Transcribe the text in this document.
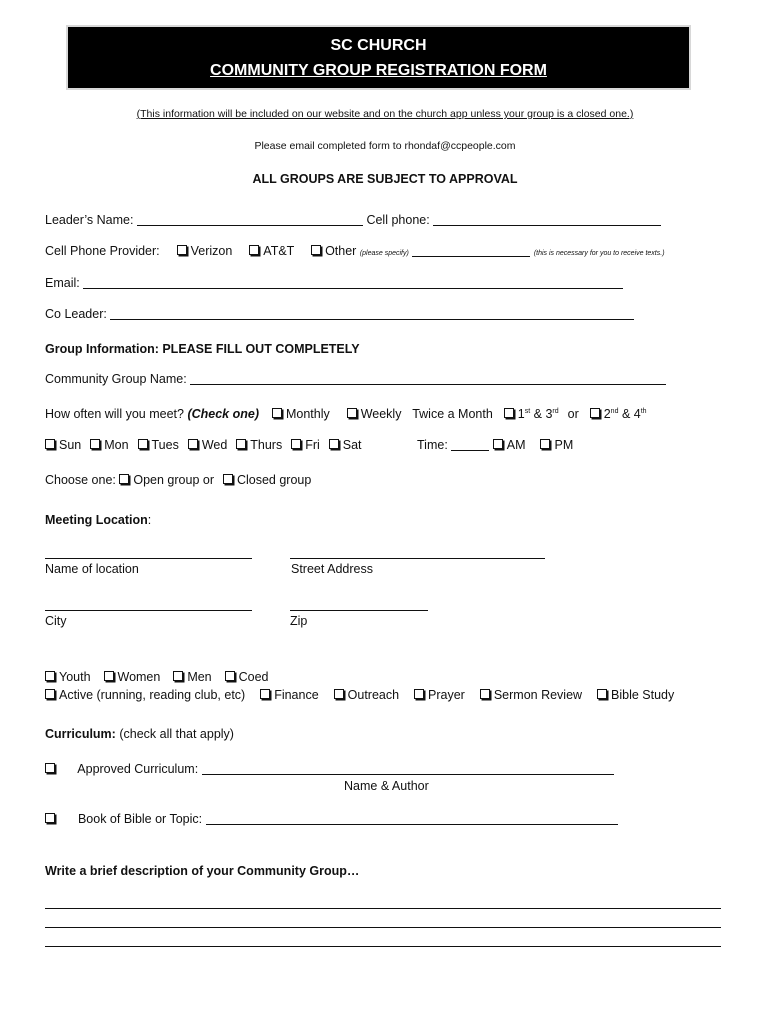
SC CHURCH
COMMUNITY GROUP REGISTRATION FORM
(This information will be included on our website and on the church app unless your group is a closed one.)
Please email completed form to rhondaf@ccpeople.com
ALL GROUPS ARE SUBJECT TO APPROVAL
Leader’s Name:	Cell phone:
Cell Phone Provider: Verizon AT&T Other (please specify)	(this is necessary for you to receive texts.)
Email:
Co Leader:
Group Information: PLEASE FILL OUT COMPLETELY
Community Group Name:
How often will you meet? (Check one) Monthly Weekly Twice a Month 1st & 3rd or 2nd & 4th
Sun Mon Tues Wed Thurs Fri Sat	Time:	AM PM
Choose one: Open group or Closed group
Meeting Location:
Name of location	Street Address
City	Zip
Youth Women Men Coed
Active (running, reading club, etc) Finance Outreach Prayer Sermon Review Bible Study
Curriculum: (check all that apply)
Approved Curriculum:
Name & Author
Book of Bible or Topic:
Write a brief description of your Community Group…
